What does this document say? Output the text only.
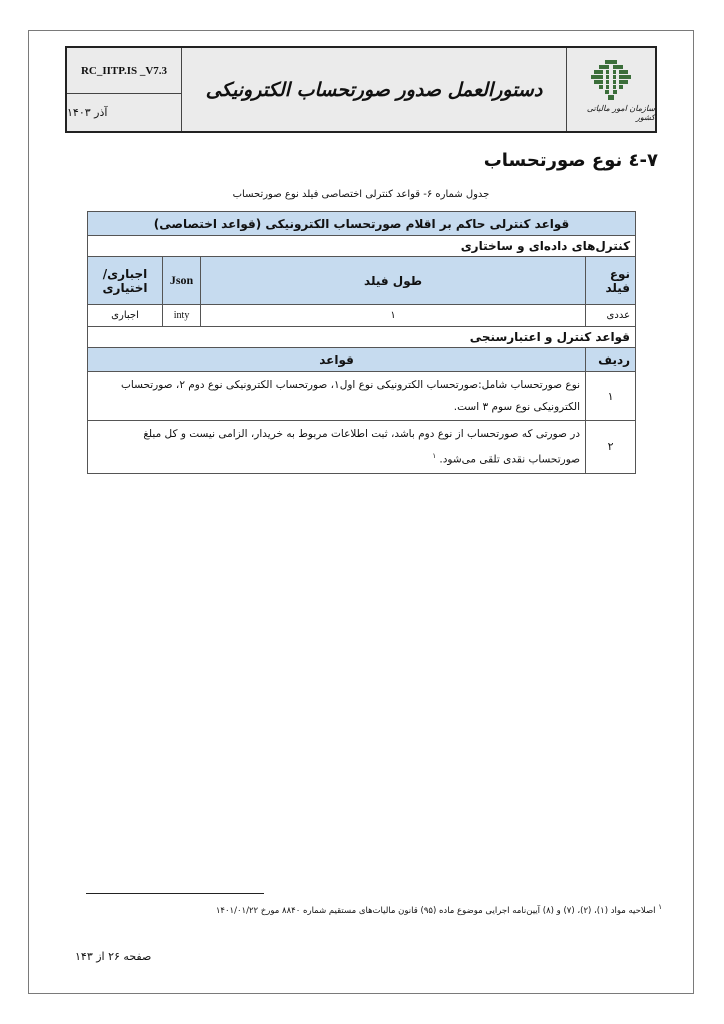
RC_IITP.IS _V7.3
آذر ۱۴۰۳
دستورالعمل صدور صورتحساب الکترونیکی
سازمان امور مالیاتی کشور
۷-٤ نوع صورتحساب
جدول شماره ۶- قواعد کنترلی اختصاصی فیلد نوع صورتحساب
قواعد کنترلی حاکم بر اقلام صورتحساب الکترونیکی (قواعد اختصاصی)			
کنترل‌های داده‌ای و ساختاری			
نوع فیلد	طول فیلد	Json	اجباری/ اختیاری
عددی	۱	inty	اجباری
قواعد کنترل و اعتبارسنجی			
ردیف	قواعد		
۱	نوع صورتحساب شامل:صورتحساب الکترونیکی نوع اول۱، صورتحساب الکترونیکی نوع دوم ۲، صورتحساب الکترونیکی نوع سوم ۳ است.		
۲	در صورتی که صورتحساب از نوع دوم باشد، ثبت اطلاعات مربوط به خریدار، الزامی نیست و کل مبلغ صورتحساب نقدی تلقی می‌شود. $^۱$
$^۱$ اصلاحیه مواد (۱)، (۲)، (۷) و (۸) آیین‌نامه اجرایی موضوع ماده (۹۵) قانون مالیات‌های مستقیم شماره ۸۸۴۰ مورخ ۱۴۰۱/۰۱/۲۲
صفحه ۲۶ از ۱۴۳
